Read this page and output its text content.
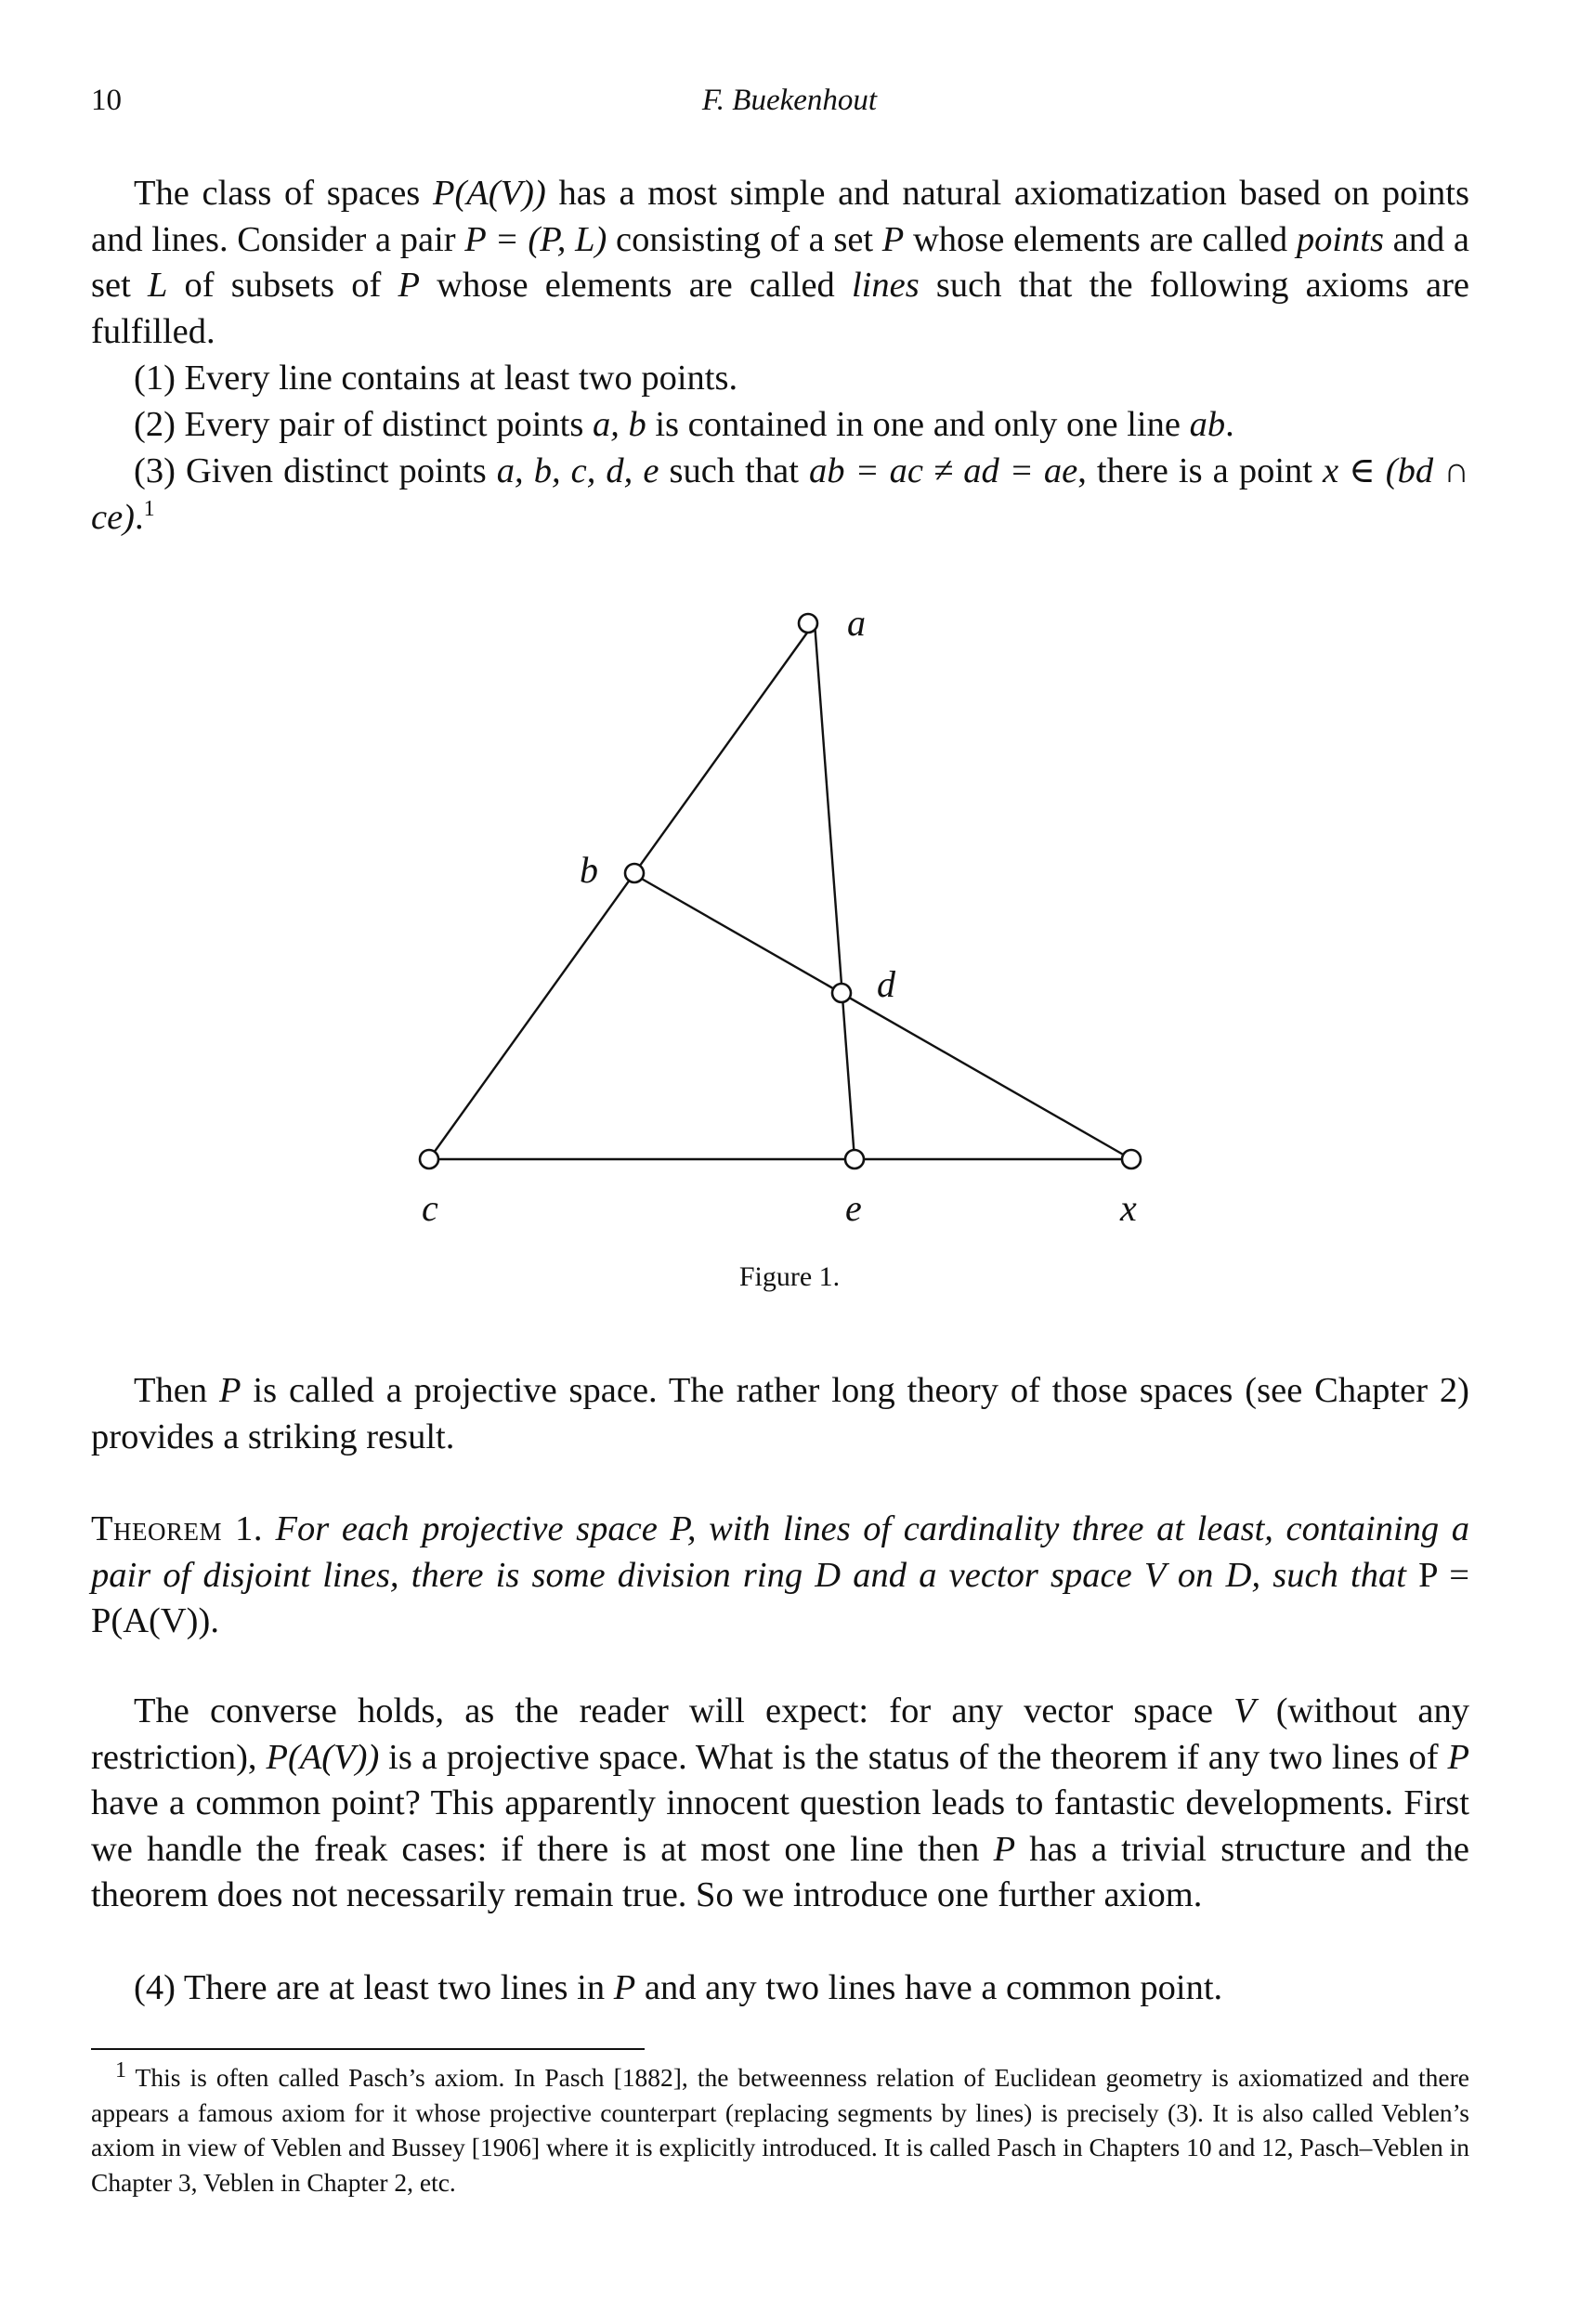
10	F. Buekenhout

The class of spaces P(A(V)) has a most simple and natural axiomatization based on points and lines. Consider a pair P = (P, L) consisting of a set P whose elements are called points and a set L of subsets of P whose elements are called lines such that the following axioms are fulfilled.

(1) Every line contains at least two points.

(2) Every pair of distinct points a, b is contained in one and only one line ab.

(3) Given distinct points a, b, c, d, e such that ab = ac ≠ ad = ae, there is a point x ∈ (bd ∩ ce).$^1$
a
b
d
c	e	x
Figure 1.

Then P is called a projective space. The rather long theory of those spaces (see Chapter 2) provides a striking result.

Theorem 1. For each projective space P, with lines of cardinality three at least, containing a pair of disjoint lines, there is some division ring D and a vector space V on D, such that P = P(A(V)).

The converse holds, as the reader will expect: for any vector space V (without any restriction), P(A(V)) is a projective space. What is the status of the theorem if any two lines of P have a common point? This apparently innocent question leads to fantastic developments. First we handle the freak cases: if there is at most one line then P has a trivial structure and the theorem does not necessarily remain true. So we introduce one further axiom.

(4) There are at least two lines in P and any two lines have a common point.

$^1$ This is often called Pasch’s axiom. In Pasch [1882], the betweenness relation of Euclidean geometry is axiomatized and there appears a famous axiom for it whose projective counterpart (replacing segments by lines) is precisely (3). It is also called Veblen’s axiom in view of Veblen and Bussey [1906] where it is explicitly introduced. It is called Pasch in Chapters 10 and 12, Pasch–Veblen in Chapter 3, Veblen in Chapter 2, etc.
